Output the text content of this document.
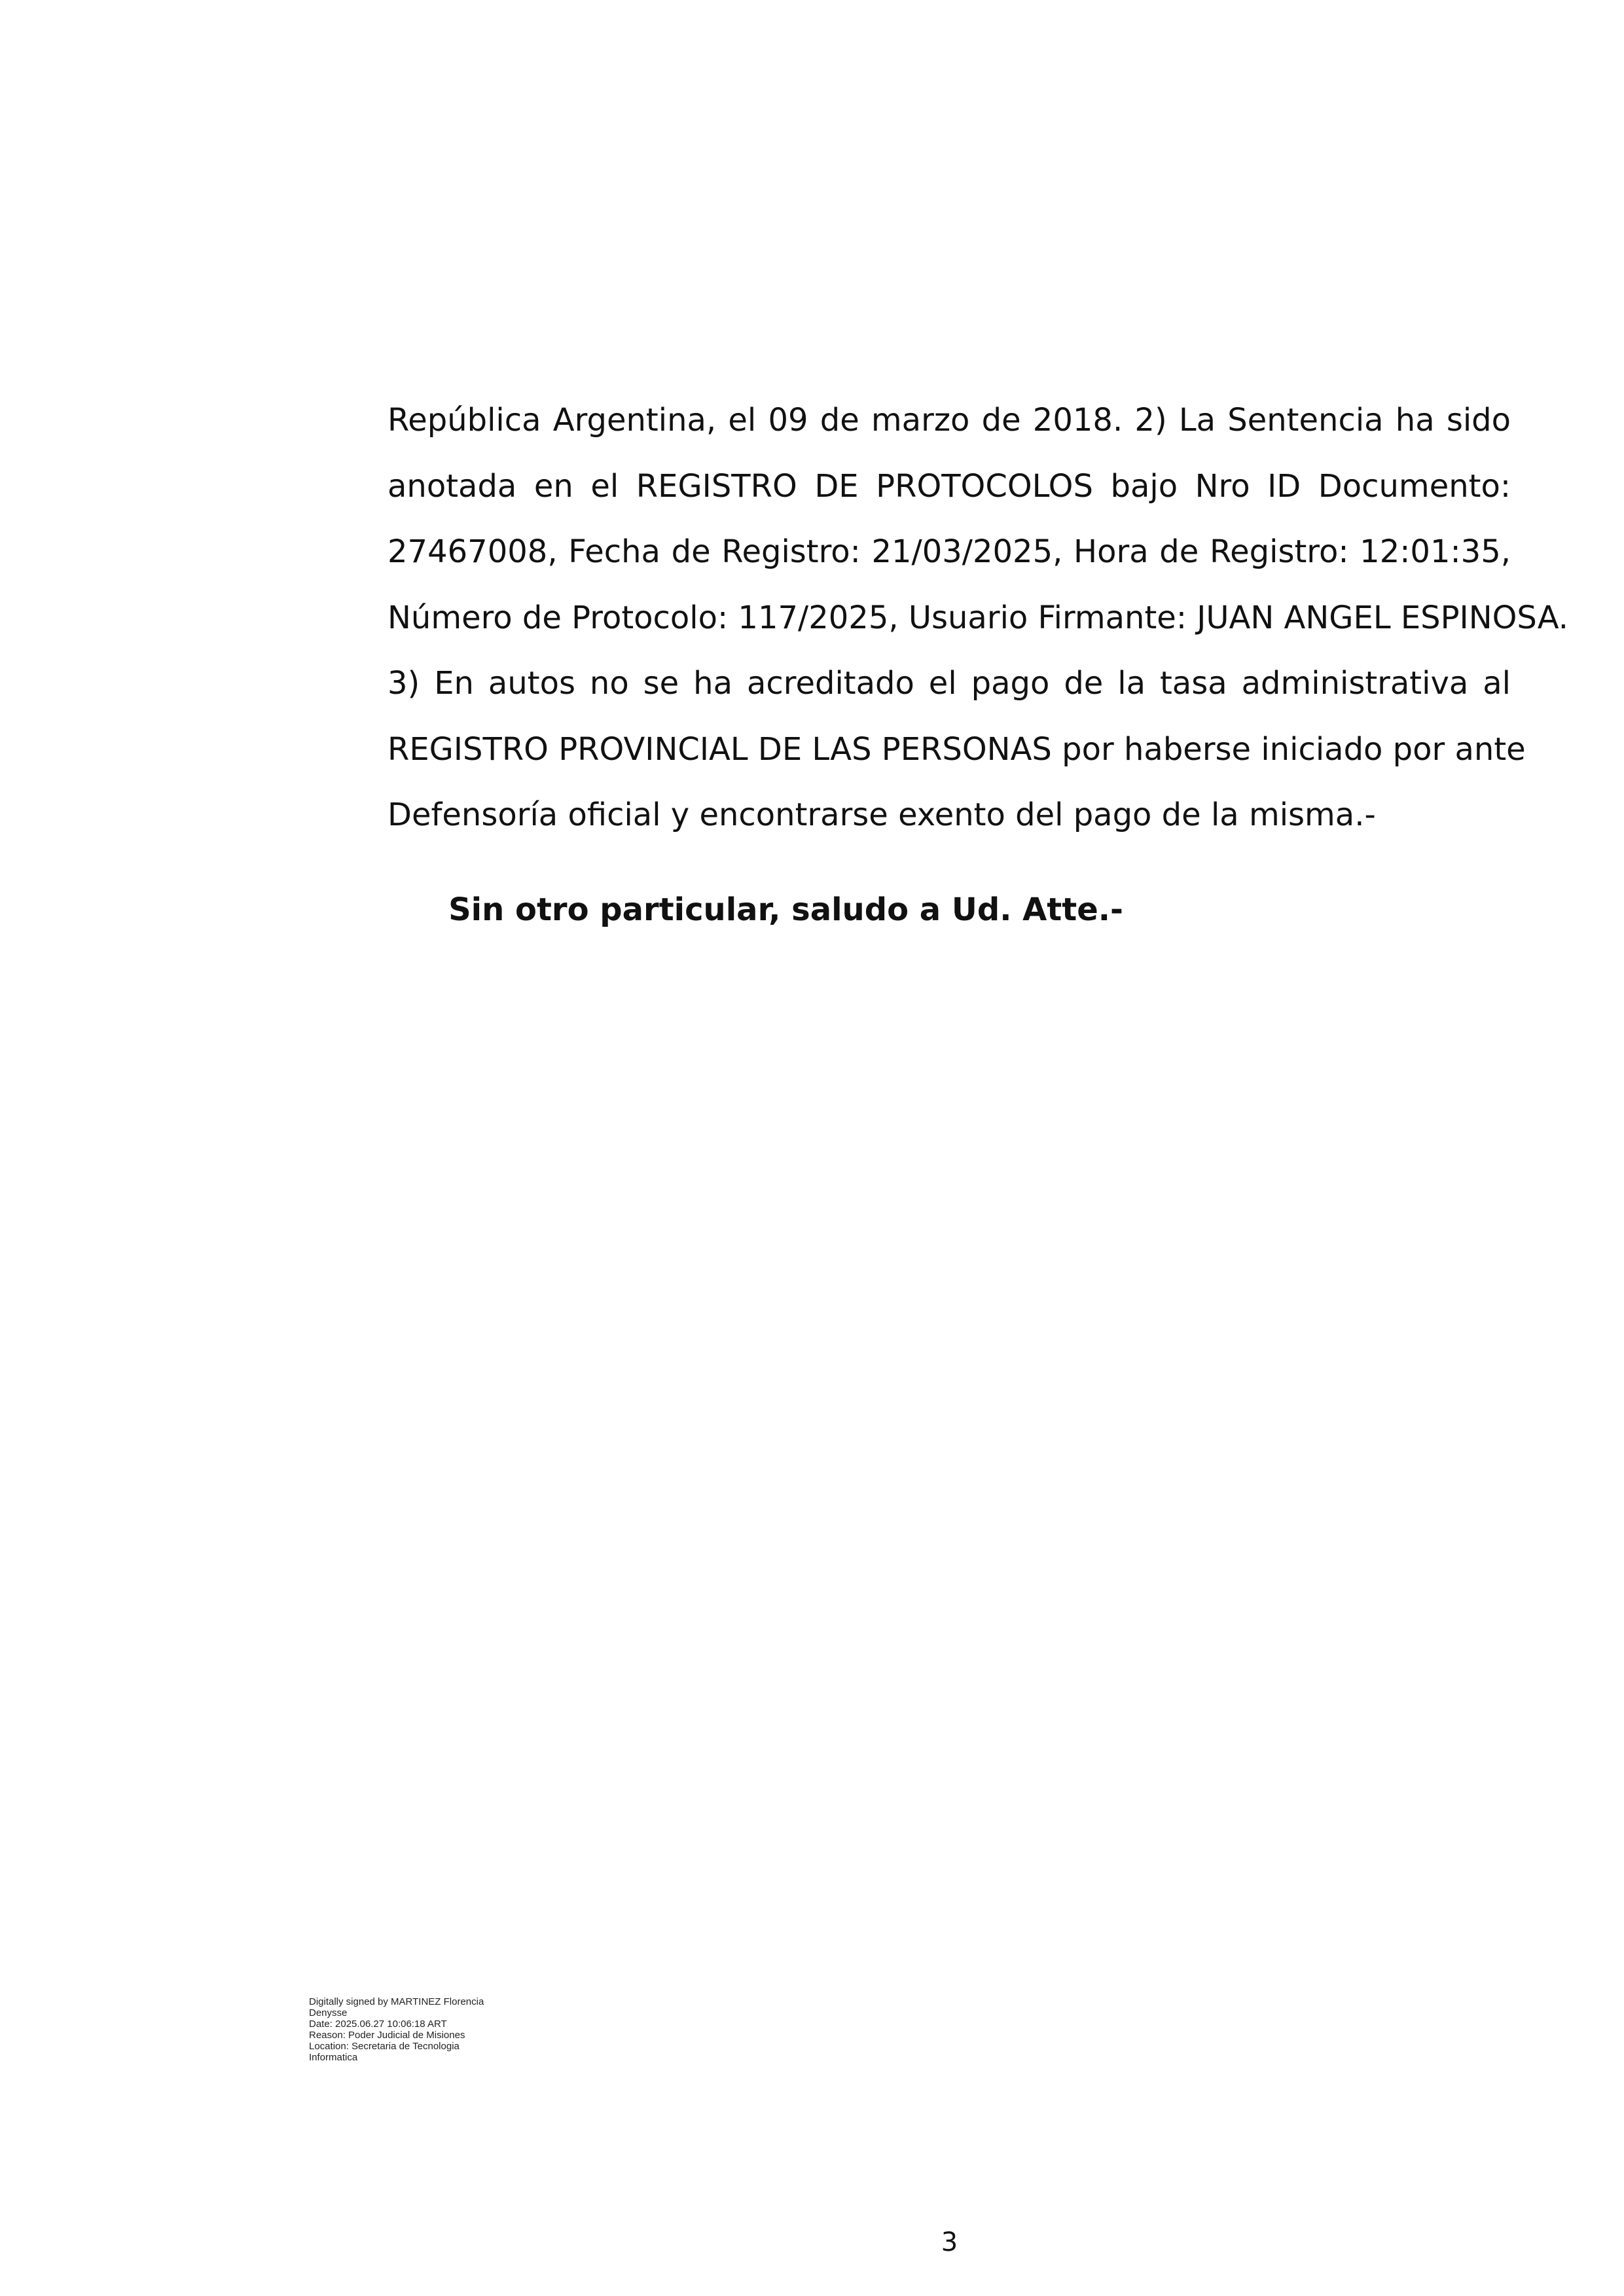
República Argentina, el 09 de marzo de 2018. 2) La Sentencia ha sido
anotada en el REGISTRO DE PROTOCOLOS bajo Nro ID Documento:
27467008, Fecha de Registro: 21/03/2025, Hora de Registro: 12:01:35,
Número de Protocolo: 117/2025, Usuario Firmante: JUAN ANGEL ESPINOSA.
3) En autos no se ha acreditado el pago de la tasa administrativa al
REGISTRO PROVINCIAL DE LAS PERSONAS por haberse iniciado por ante
Defensoría oficial y encontrarse exento del pago de la misma.-
Sin otro particular, saludo a Ud. Atte.-
Digitally signed by MARTINEZ Florencia
Denysse
Date: 2025.06.27 10:06:18 ART
Reason: Poder Judicial de Misiones
Location: Secretaria de Tecnologia
Informatica
3
